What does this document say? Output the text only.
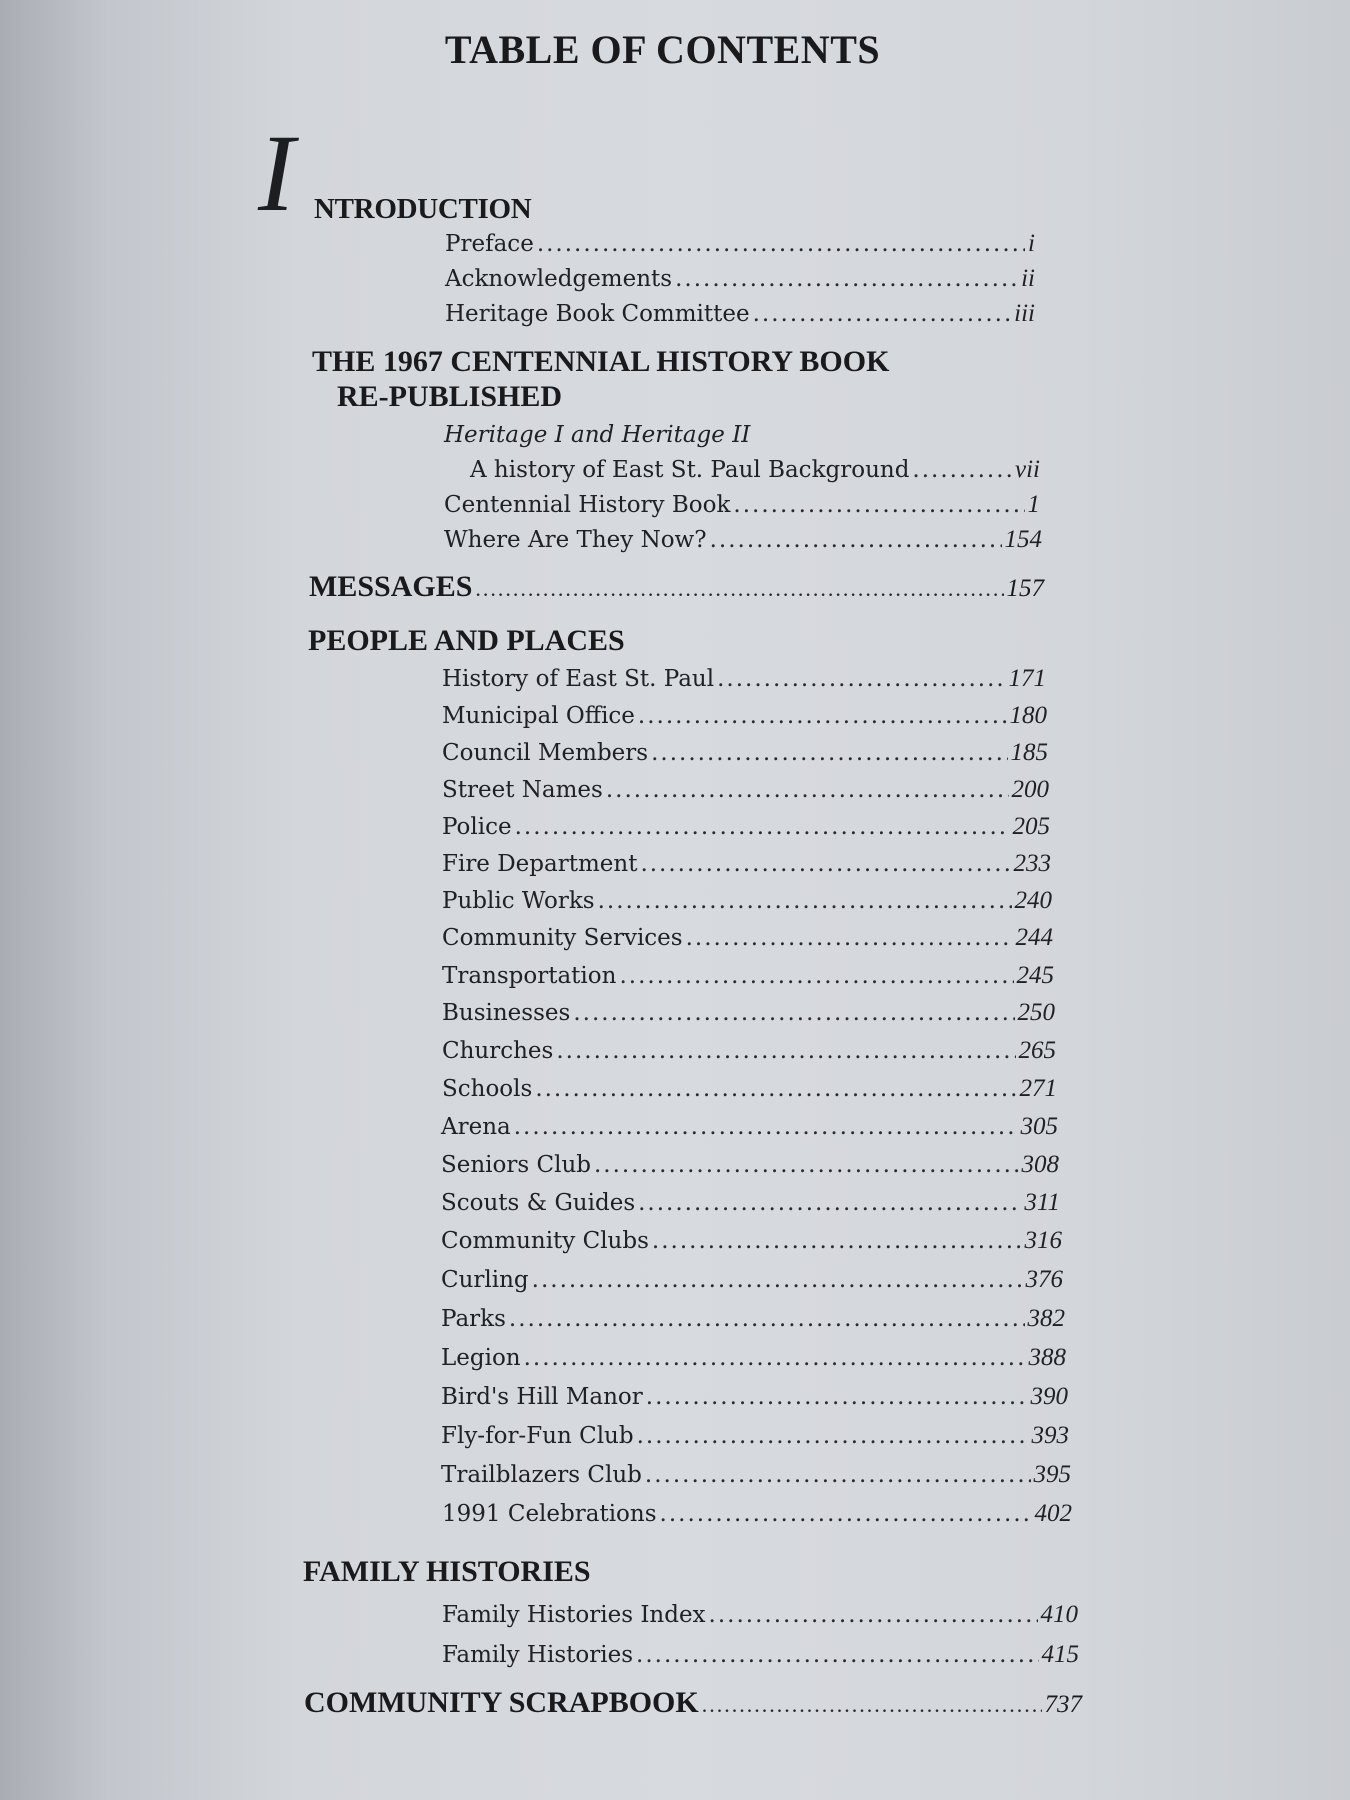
TABLE OF CONTENTS
I NTRODUCTION
Preface .....	i
Acknowledgements .....	ii
Heritage Book Committee .....	iii
THE 1967 CENTENNIAL HISTORY BOOK
RE-PUBLISHED
Heritage I and Heritage II
A history of East St. Paul Background .....	vii
Centennial History Book .....	1
Where Are They Now? .....	154
MESSAGES .....	157
PEOPLE AND PLACES
History of East St. Paul .....	171
Municipal Office .....	180
Council Members .....	185
Street Names .....	200
Police .....	205
Fire Department .....	233
Public Works .....	240
Community Services .....	244
Transportation .....	245
Businesses .....	250
Churches .....	265
Schools .....	271
Arena .....	305
Seniors Club .....	308
Scouts & Guides .....	311
Community Clubs .....	316
Curling .....	376
Parks .....	382
Legion .....	388
Bird's Hill Manor .....	390
Fly-for-Fun Club .....	393
Trailblazers Club .....	395
1991 Celebrations .....	402
FAMILY HISTORIES
Family Histories Index .....	410
Family Histories .....	415
COMMUNITY SCRAPBOOK .....	737
